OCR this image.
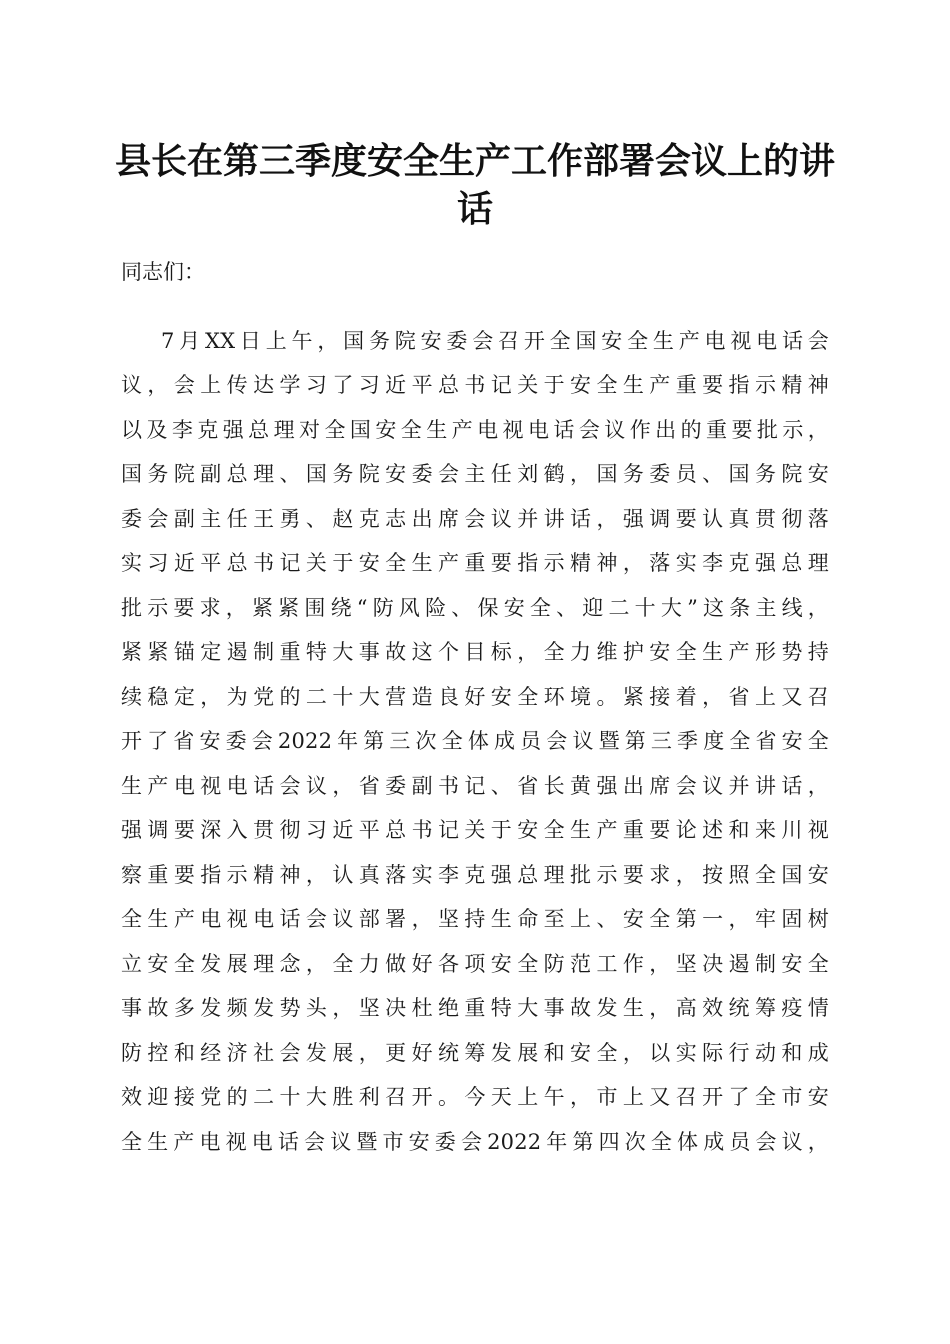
县长在第三季度安全生产工作部署会议上的讲
话

同志们：

7月XX日上午，国务院安委会召开全国安全生产电视电话会

议，会上传达学习了习近平总书记关于安全生产重要指示精神

以及李克强总理对全国安全生产电视电话会议作出的重要批示，

国务院副总理、国务院安委会主任刘鹤，国务委员、国务院安

委会副主任王勇、赵克志出席会议并讲话，强调要认真贯彻落

实习近平总书记关于安全生产重要指示精神，落实李克强总理

批示要求，紧紧围绕“防风险、保安全、迎二十大”这条主线，

紧紧锚定遏制重特大事故这个目标，全力维护安全生产形势持

续稳定，为党的二十大营造良好安全环境。紧接着，省上又召

开了省安委会2022年第三次全体成员会议暨第三季度全省安全

生产电视电话会议，省委副书记、省长黄强出席会议并讲话，

强调要深入贯彻习近平总书记关于安全生产重要论述和来川视

察重要指示精神，认真落实李克强总理批示要求，按照全国安

全生产电视电话会议部署，坚持生命至上、安全第一，牢固树

立安全发展理念，全力做好各项安全防范工作，坚决遏制安全

事故多发频发势头，坚决杜绝重特大事故发生，高效统筹疫情

防控和经济社会发展，更好统筹发展和安全，以实际行动和成

效迎接党的二十大胜利召开。今天上午，市上又召开了全市安

全生产电视电话会议暨市安委会2022年第四次全体成员会议，
